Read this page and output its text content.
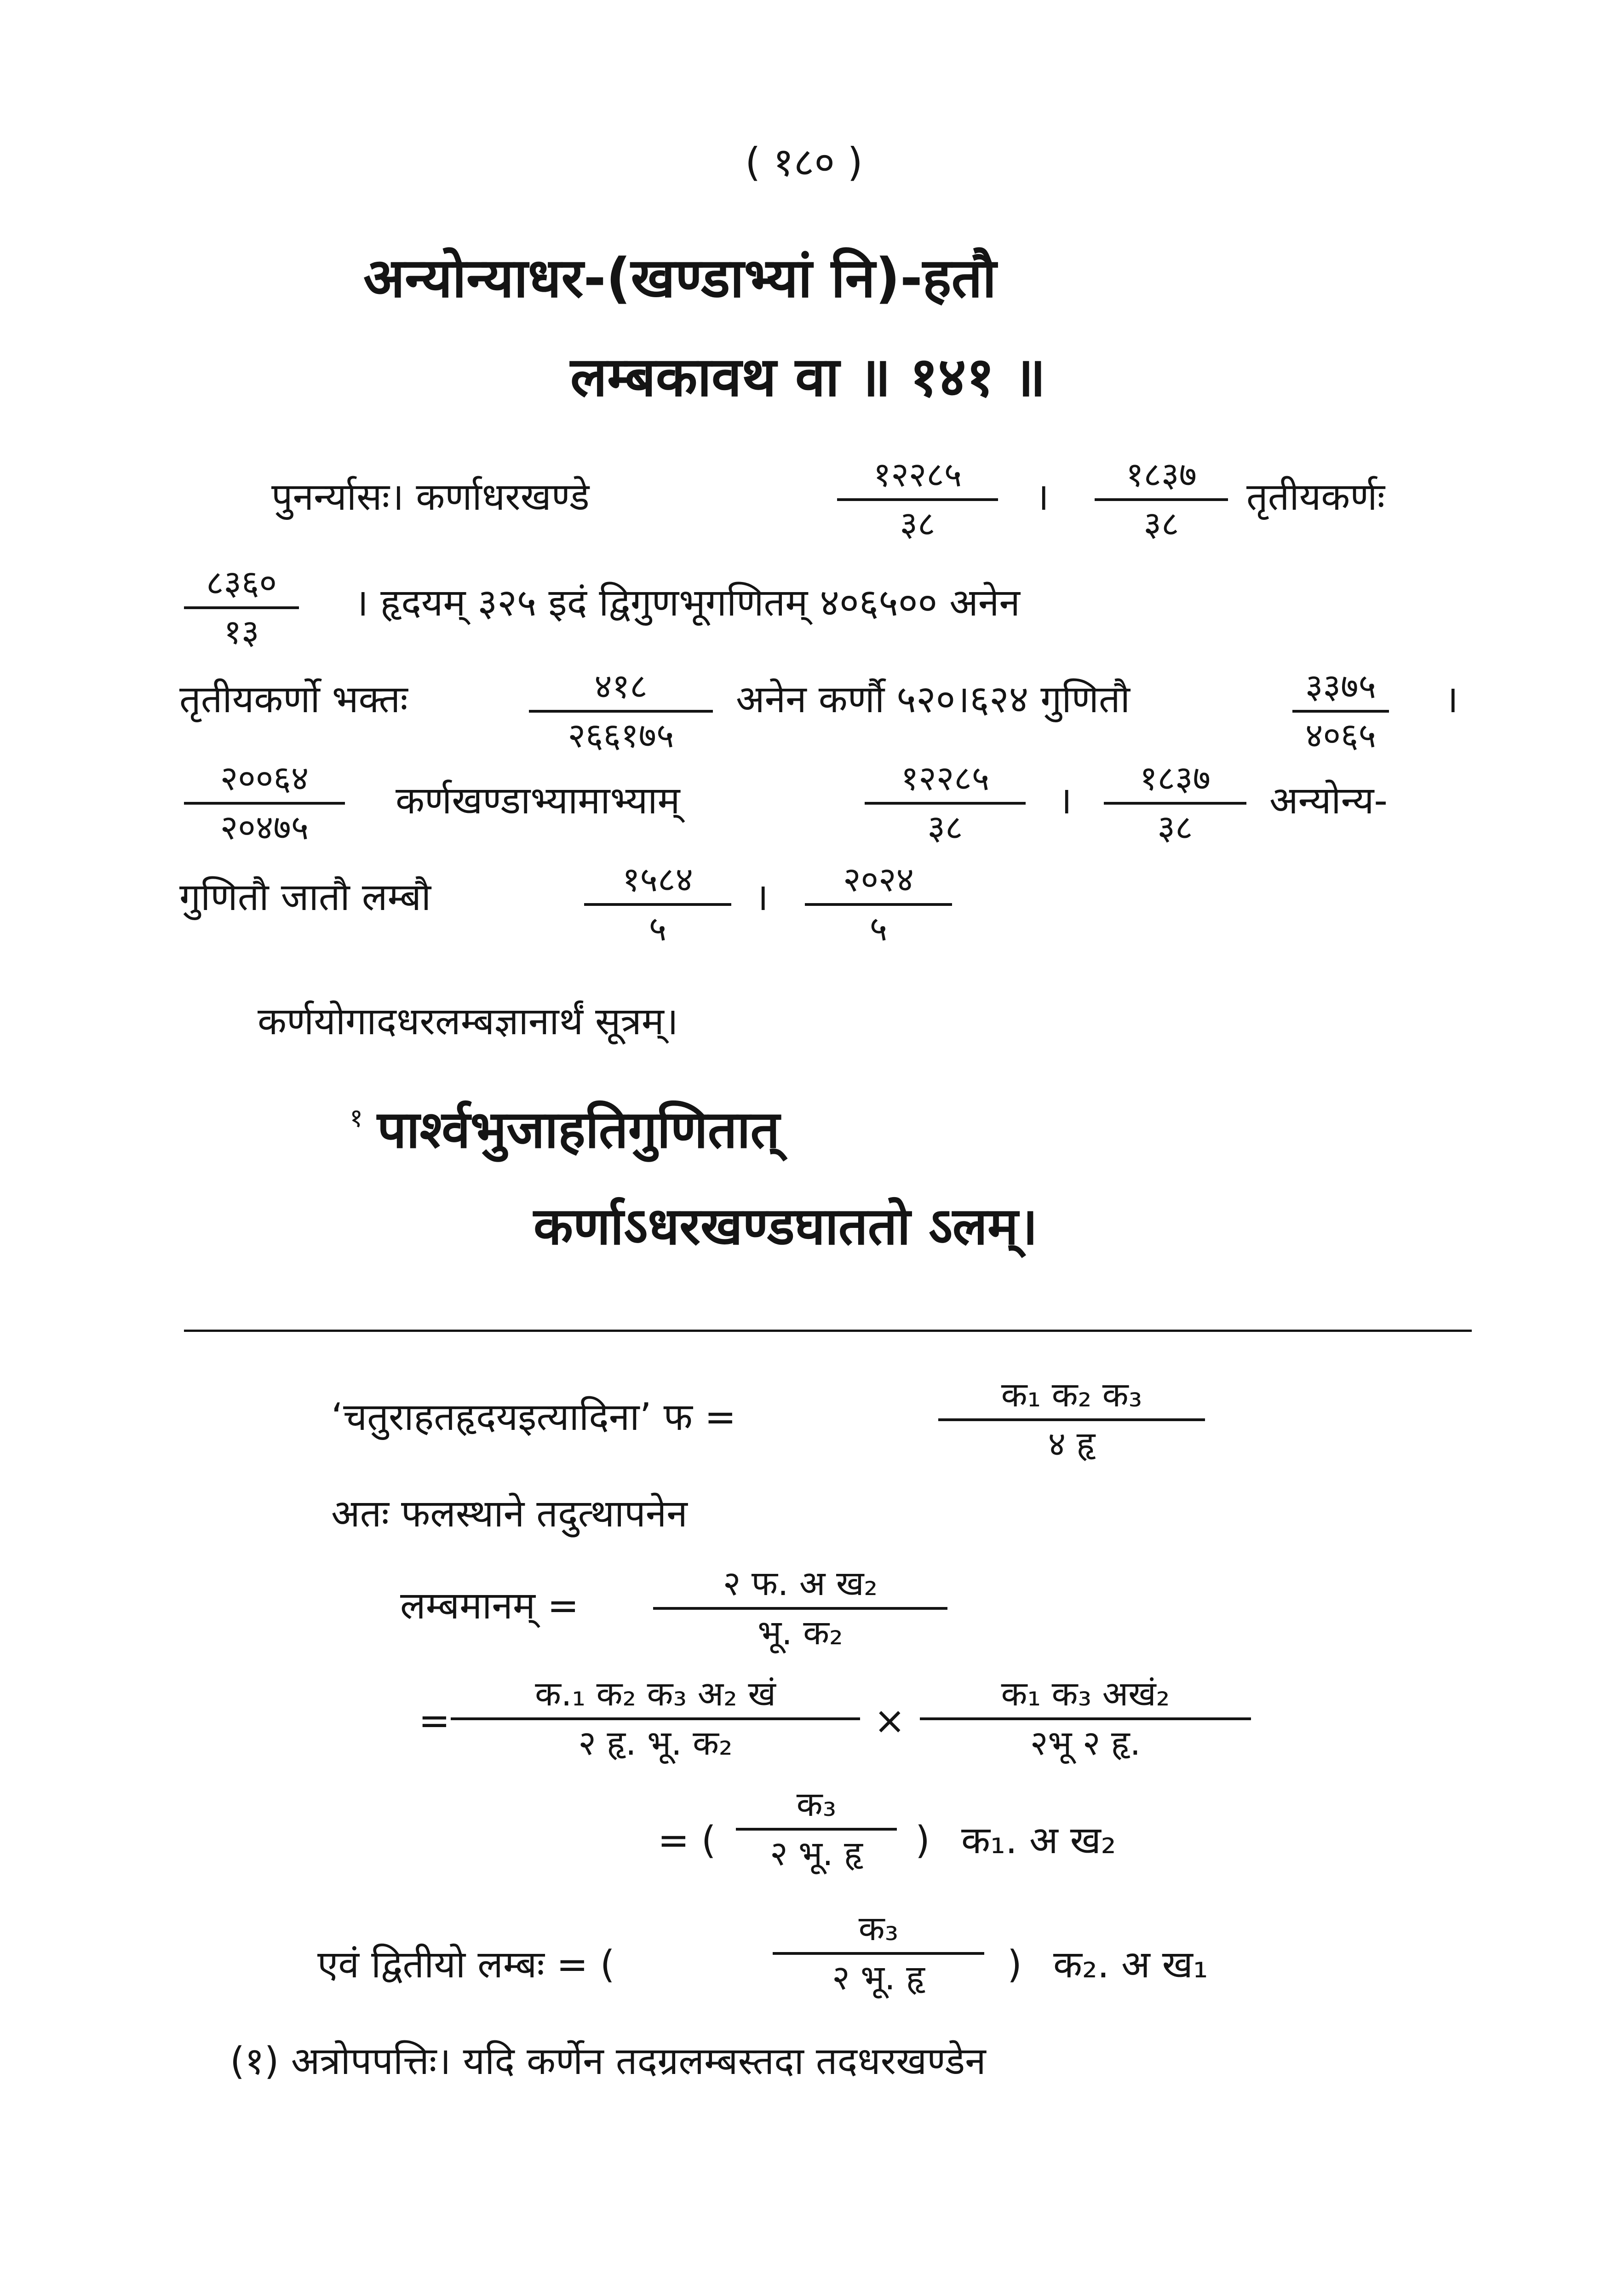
( १८० )
अन्योन्याधर-(खण्डाभ्यां नि)-हतौ
लम्बकावथ वा ॥ १४१ ॥
पुनर्न्यासः। कर्णाधरखण्डे
१२२८५
३८
।
१८३७
३८
तृतीयकर्णः
८३६०
१३
। हृदयम् ३२५ इदं द्विगुणभूगणितम् ४०६५०० अनेन
तृतीयकर्णो भक्तः	४१८
२६६१७५
अनेन कर्णौ ५२०।६२४ गुणितौ	३३७५
४०६५
।
२००६४
२०४७५
कर्णखण्डाभ्यामाभ्याम्
१२२८५
३८
।
१८३७
३८
अन्योन्य-
गुणितौ जातौ लम्बौ	१५८४
५
। २०२४
५
कर्णयोगादधरलम्बज्ञानार्थं सूत्रम्।
१ पार्श्वभुजाहतिगुणितात्
कर्णाऽधरखण्डघाततो ऽलम्।
‘चतुराहतहृदयइत्यादिना’ फ =
क₁ क₂ क₃
४ हृ
अतः फलस्थाने तदुत्थापनेन
लम्बमानम् =
२ फ. अ ख₂
भू. क₂
=
क.₁ क₂ क₃ अ₂ खं
२ हृ. भू. क₂
×
क₁ क₃ अखं₂
२भू २ हृ.
= (
क₃
२ भू. हृ	) क₁. अ ख₂
एवं द्वितीयो लम्बः = (
क₃
२ भू. हृ	) क₂. अ ख₁
(१) अत्रोपपत्तिः। यदि कर्णेन तदग्रलम्बस्तदा तदधरखण्डेन
